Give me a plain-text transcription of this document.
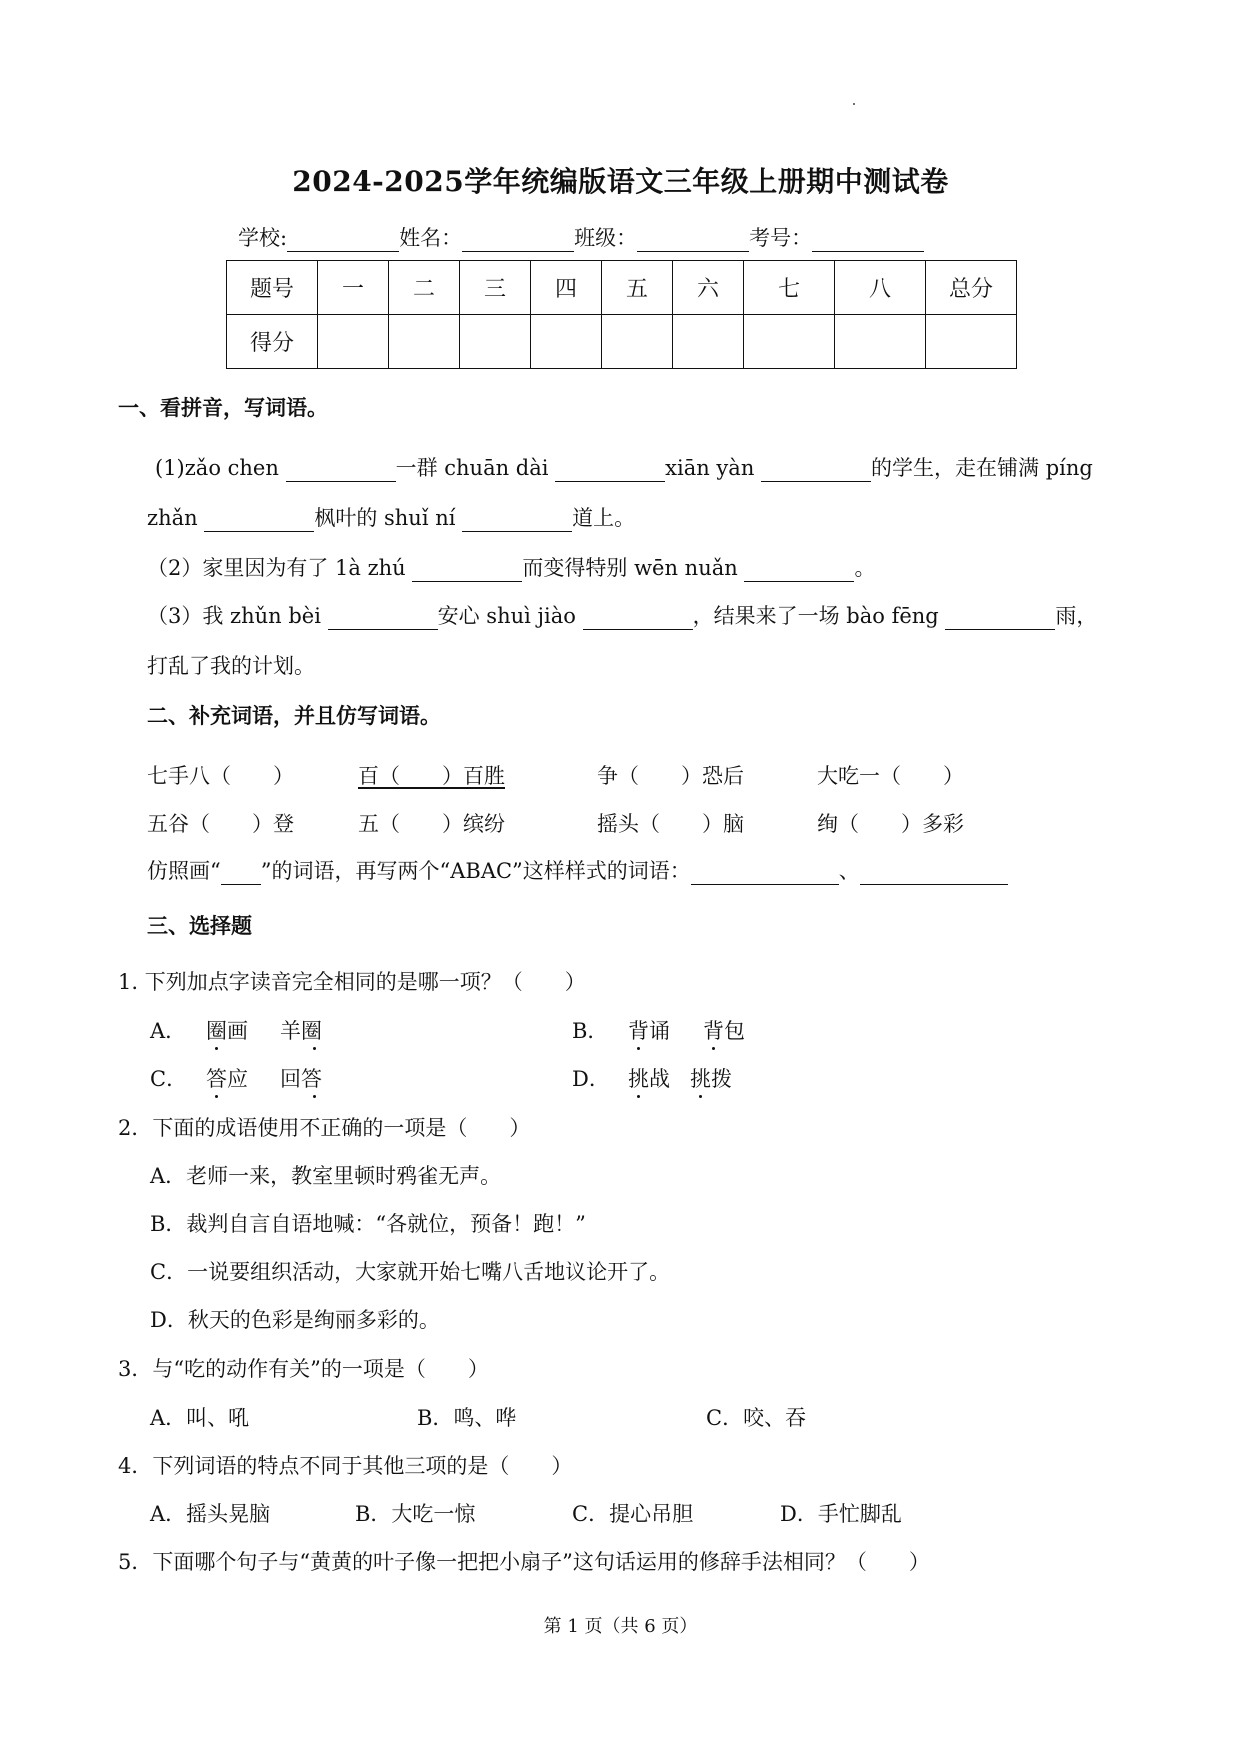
2024-2025学年统编版语文三年级上册期中测试卷
学校:	姓名：	班级：	考号：
题号	一	二	三	四	五	六	七	八	总分
得分									
一、看拼音，写词语。
(1)zǎo chen	一群 chuān dài	xiān yàn	的学生，走在铺满 píng
zhǎn	枫叶的 shuǐ ní	道上。
（2）家里因为有了 1à zhú	而变得特别 wēn nuǎn	。
（3）我 zhǔn bèi	安心 shuì jiào	，结果来了一场 bào fēng	雨，
打乱了我的计划。
二、补充词语，并且仿写词语。
七手八（　　）	百（　　）百胜	争（　　）恐后	大吃一（　　）
五谷（　　）登	五（　　）缤纷	摇头（　　）脑	绚（　　）多彩
仿照画“ ”的词语，再写两个“ABAC”这样样式的词语：	、
三、选择题
1. 下列加点字读音完全相同的是哪一项？（　　）
A． 圈画 羊圈	B． 背诵 背包
C． 答应 回答	D． 挑战 挑拨
2．下面的成语使用不正确的一项是（　　）
A．老师一来，教室里顿时鸦雀无声。
B．裁判自言自语地喊：“各就位，预备！跑！”
C．一说要组织活动，大家就开始七嘴八舌地议论开了。
D．秋天的色彩是绚丽多彩的。
3．与“吃的动作有关”的一项是（　　）
A．叫、吼	B．鸣、哗	C．咬、吞
4．下列词语的特点不同于其他三项的是（　　）
A．摇头晃脑	B．大吃一惊	C．提心吊胆	D．手忙脚乱
5．下面哪个句子与“黄黄的叶子像一把把小扇子”这句话运用的修辞手法相同？（　　）
第 1 页（共 6 页）
